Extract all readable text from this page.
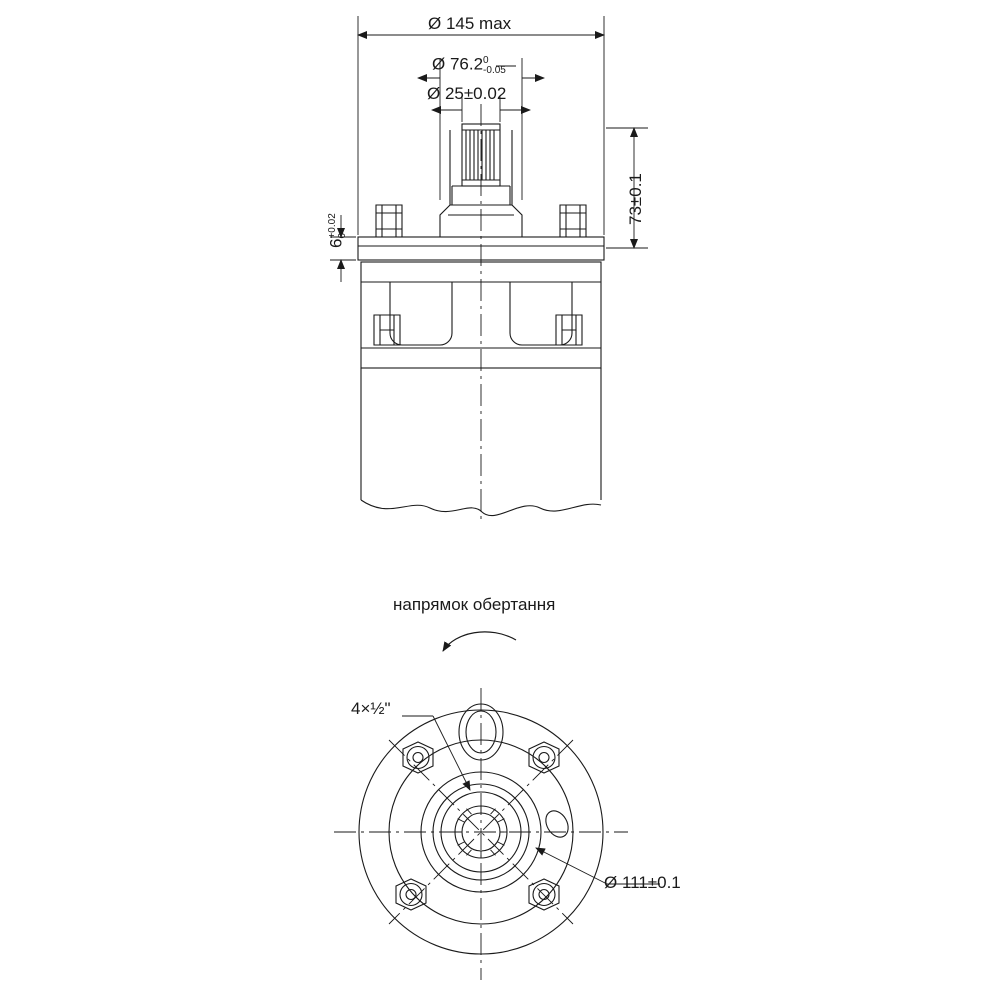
Ø 145 max
Ø 76.2 0
-0.05
Ø 25±0.02
73±0.1
6
+0.02 0
напрямок обертання
4×½"
Ø 111±0.1
